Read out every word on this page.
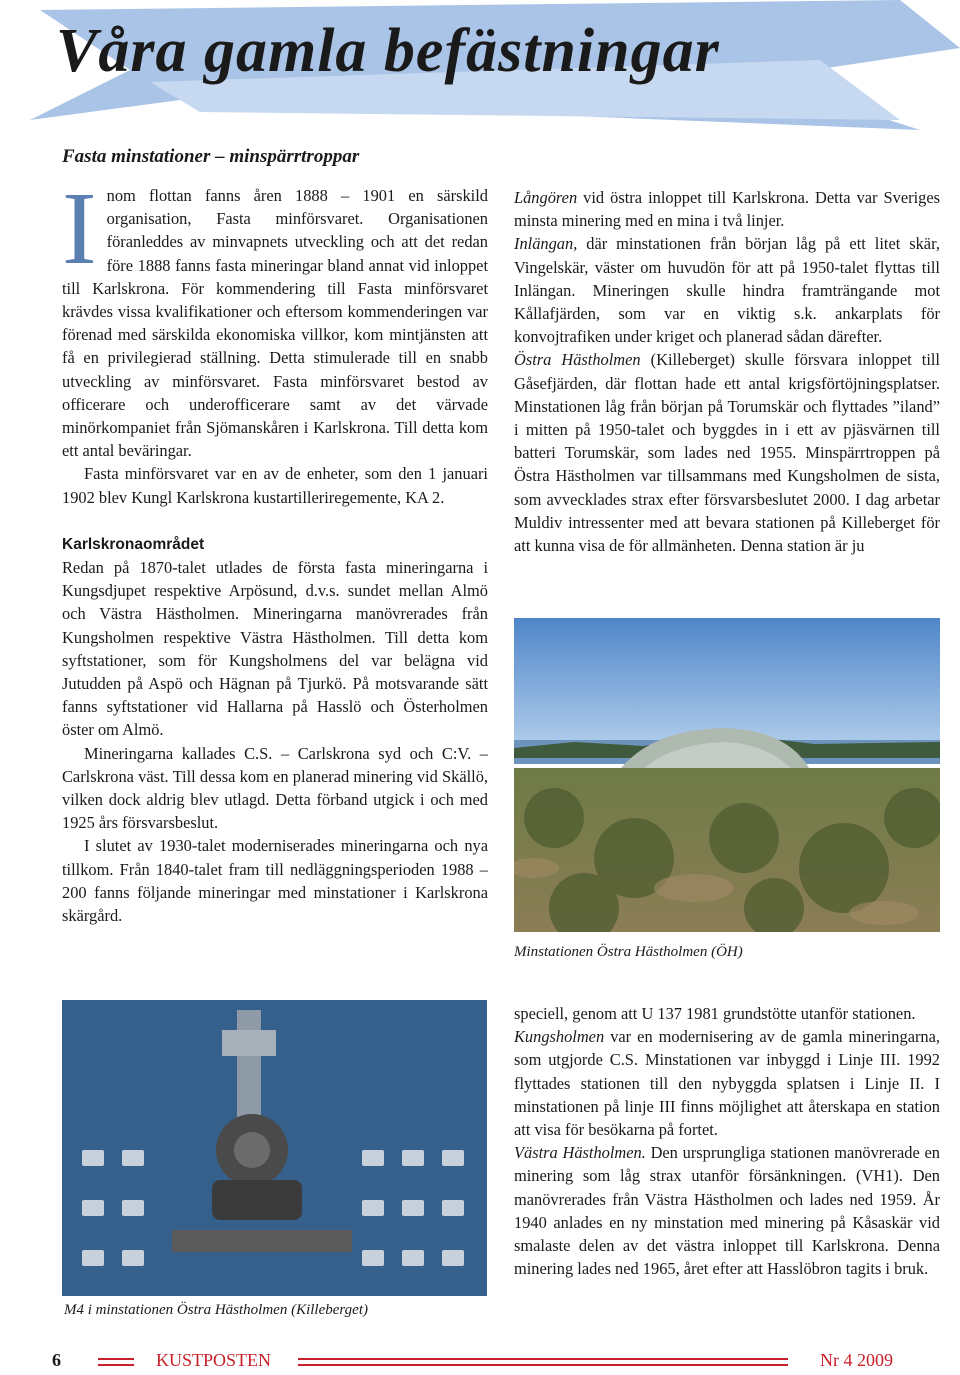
Våra gamla befästningar
Fasta minstationer – minspärrtroppar

Inom flottan fanns åren 1888 – 1901 en särskild organisation, Fasta minförsvaret. Organisationen föranleddes av minvapnets utveckling och att det redan före 1888 fanns fasta mineringar bland annat vid inloppet till Karlskrona. För kommendering till Fasta minförsvaret krävdes vissa kvalifikationer och eftersom kommenderingen var förenad med särskilda ekonomiska villkor, kom mintjänsten att få en privilegierad ställning. Detta stimulerade till en snabb utveckling av minförsvaret. Fasta minförsvaret bestod av officerare och underofficerare samt av det värvade minörkompaniet från Sjömanskåren i Karlskrona. Till detta kom ett antal beväringar.

Fasta minförsvaret var en av de enheter, som den 1 januari 1902 blev Kungl Karlskrona kustartilleriregemente, KA 2.

Karlskronaområdet

Redan på 1870-talet utlades de första fasta mineringarna i Kungsdjupet respektive Arpösund, d.v.s. sundet mellan Almö och Västra Hästholmen. Mineringarna manövrerades från Kungsholmen respektive Västra Hästholmen. Till detta kom syftstationer, som för Kungsholmens del var belägna vid Jutudden på Aspö och Hägnan på Tjurkö. På motsvarande sätt fanns syftstationer vid Hallarna på Hasslö och Österholmen öster om Almö.

Mineringarna kallades C.S. – Carlskrona syd och C:V. – Carlskrona väst. Till dessa kom en planerad minering vid Skällö, vilken dock aldrig blev utlagd. Detta förband utgick i och med 1925 års försvarsbeslut.

I slutet av 1930-talet moderniserades mineringarna och nya tillkom. Från 1840-talet fram till nedläggningsperioden 1988 – 200 fanns följande mineringar med minstationer i Karlskrona skärgård.

Långören vid östra inloppet till Karlskrona. Detta var Sveriges minsta minering med en mina i två linjer.

Inlängan, där minstationen från början låg på ett litet skär, Vingelskär, väster om huvudön för att på 1950-talet flyttas till Inlängan. Mineringen skulle hindra framträngande mot Kållafjärden, som var en viktig s.k. ankarplats för konvojtrafiken under kriget och planerad sådan därefter.

Östra Hästholmen (Killeberget) skulle försvara inloppet till Gåsefjärden, där flottan hade ett antal krigsförtöjningsplatser. Minstationen låg från början på Torumskär och flyttades ”iland” i mitten på 1950-talet och byggdes in i ett av pjäsvärnen till batteri Torumskär, som lades ned 1955. Minspärrtroppen på Östra Hästholmen var tillsammans med Kungsholmen de sista, som avvecklades strax efter försvarsbeslutet 2000. I dag arbetar Muldiv intressenter med att bevara stationen på Killeberget för att kunna visa de för allmänheten. Denna station är ju

Minstationen Östra Hästholmen (ÖH)

M4 i minstationen Östra Hästholmen (Killeberget)

speciell, genom att U 137 1981 grundstötte utanför stationen.

Kungsholmen var en modernisering av de gamla mineringarna, som utgjorde C.S. Minstationen var inbyggd i Linje III. 1992 flyttades stationen till den nybyggda splatsen i Linje II. I minstationen på linje III finns möjlighet att återskapa en station att visa för besökarna på fortet.

Västra Hästholmen. Den ursprungliga stationen manövrerade en minering som låg strax utanför försänkningen. (VH1). Den manövrerades från Västra Hästholmen och lades ned 1959. År 1940 anlades en ny minstation med minering på Kåsaskär vid smalaste delen av det västra inloppet till Karlskrona. Denna minering lades ned 1965, året efter att Hasslöbron tagits i bruk.

6	KUSTPOSTEN	Nr 4 2009
